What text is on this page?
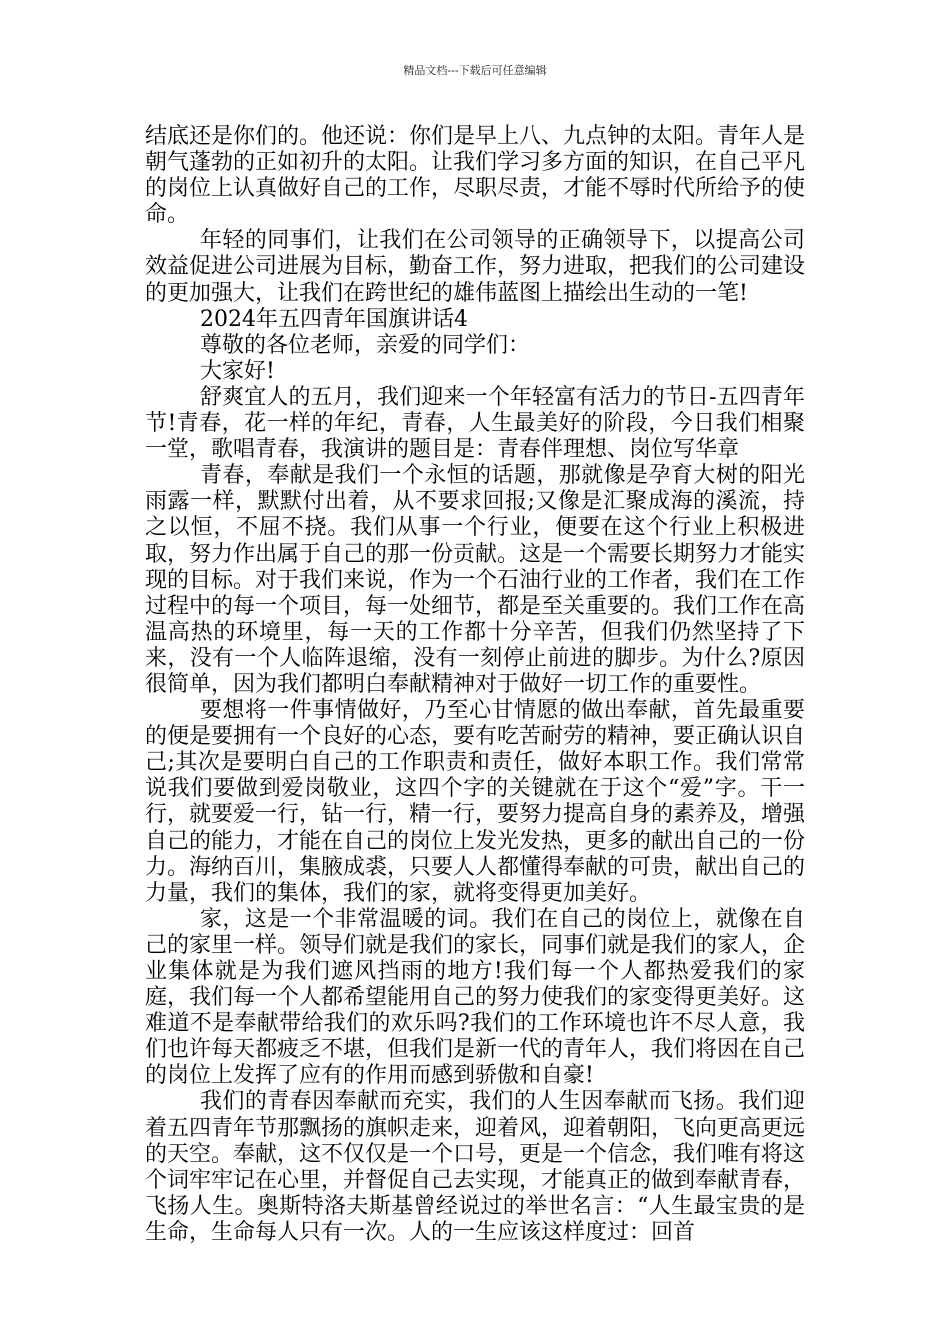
精品文档---下载后可任意编辑

结底还是你们的。他还说：你们是早上八、九点钟的太阳。青年人是朝气蓬勃的正如初升的太阳。让我们学习多方面的知识，在自己平凡的岗位上认真做好自己的工作，尽职尽责，才能不辱时代所给予的使命。

年轻的同事们，让我们在公司领导的正确领导下，以提高公司效益促进公司进展为目标，勤奋工作，努力进取，把我们的公司建设的更加强大，让我们在跨世纪的雄伟蓝图上描绘出生动的一笔!

2024年五四青年国旗讲话4

尊敬的各位老师，亲爱的同学们：

大家好!

舒爽宜人的五月，我们迎来一个年轻富有活力的节日-五四青年节!青春，花一样的年纪，青春，人生最美好的阶段，今日我们相聚一堂，歌唱青春，我演讲的题目是：青春伴理想、岗位写华章

青春，奉献是我们一个永恒的话题，那就像是孕育大树的阳光雨露一样，默默付出着，从不要求回报;又像是汇聚成海的溪流，持之以恒，不屈不挠。我们从事一个行业，便要在这个行业上积极进取，努力作出属于自己的那一份贡献。这是一个需要长期努力才能实现的目标。对于我们来说，作为一个石油行业的工作者，我们在工作过程中的每一个项目，每一处细节，都是至关重要的。我们工作在高温高热的环境里，每一天的工作都十分辛苦，但我们仍然坚持了下来，没有一个人临阵退缩，没有一刻停止前进的脚步。为什么?原因很简单，因为我们都明白奉献精神对于做好一切工作的重要性。

要想将一件事情做好，乃至心甘情愿的做出奉献，首先最重要的便是要拥有一个良好的心态，要有吃苦耐劳的精神，要正确认识自己;其次是要明白自己的工作职责和责任，做好本职工作。我们常常说我们要做到爱岗敬业，这四个字的关键就在于这个“爱”字。干一行，就要爱一行，钻一行，精一行，要努力提高自身的素养及，增强自己的能力，才能在自己的岗位上发光发热，更多的献出自己的一份力。海纳百川，集腋成裘，只要人人都懂得奉献的可贵，献出自己的力量，我们的集体，我们的家，就将变得更加美好。

家，这是一个非常温暖的词。我们在自己的岗位上，就像在自己的家里一样。领导们就是我们的家长，同事们就是我们的家人，企业集体就是为我们遮风挡雨的地方!我们每一个人都热爱我们的家庭，我们每一个人都希望能用自己的努力使我们的家变得更美好。这难道不是奉献带给我们的欢乐吗?我们的工作环境也许不尽人意，我们也许每天都疲乏不堪，但我们是新一代的青年人，我们将因在自己的岗位上发挥了应有的作用而感到骄傲和自豪!

我们的青春因奉献而充实，我们的人生因奉献而飞扬。我们迎着五四青年节那飘扬的旗帜走来，迎着风，迎着朝阳，飞向更高更远的天空。奉献，这不仅仅是一个口号，更是一个信念，我们唯有将这个词牢牢记在心里，并督促自己去实现，才能真正的做到奉献青春，飞扬人生。奥斯特洛夫斯基曾经说过的举世名言：“人生最宝贵的是生命，生命每人只有一次。人的一生应该这样度过：回首
